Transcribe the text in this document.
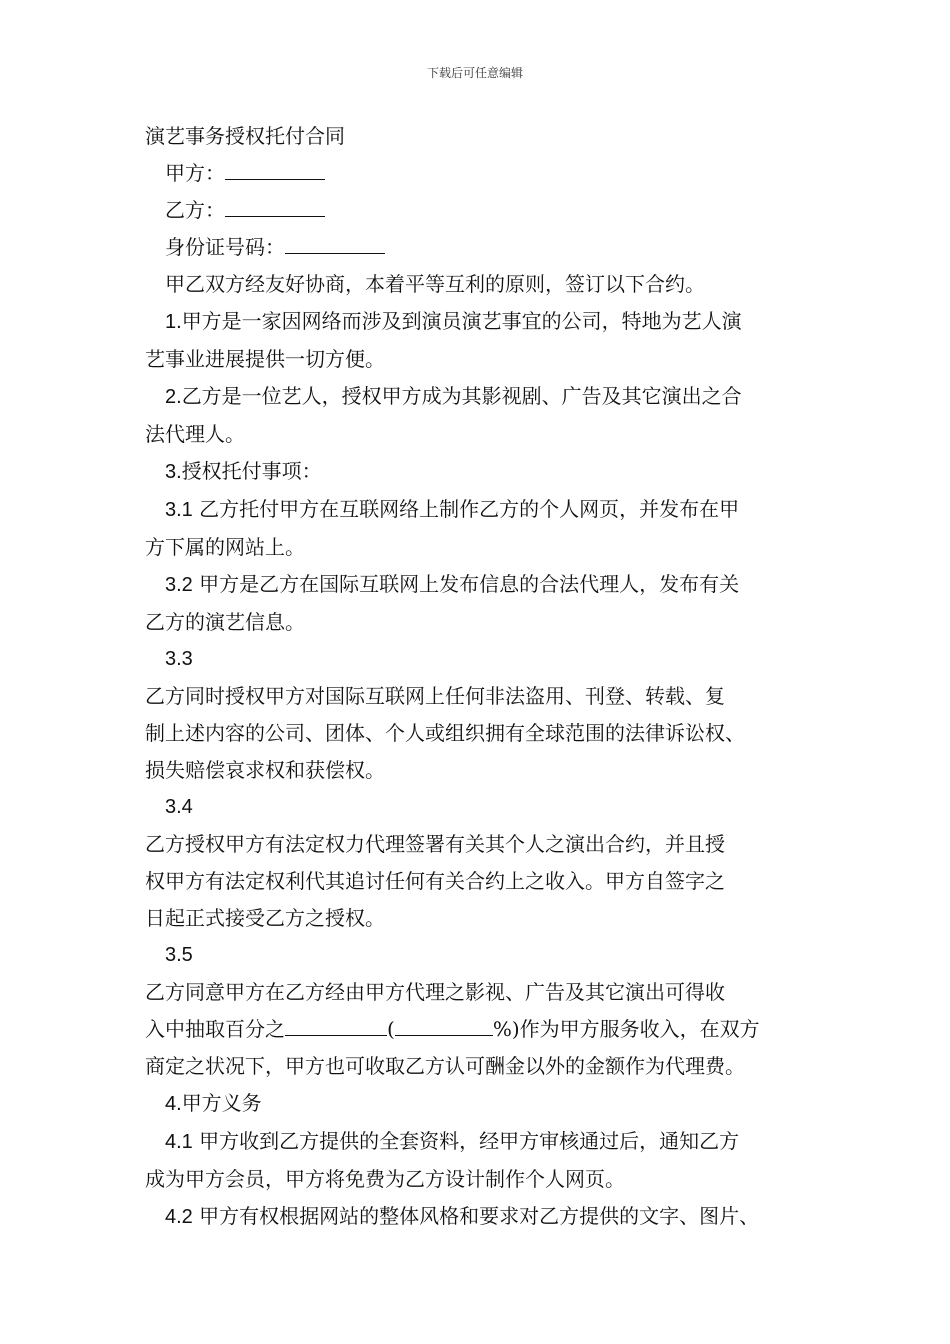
下载后可任意编辑

演艺事务授权托付合同

甲方：

乙方：

身份证号码：

甲乙双方经友好协商，本着平等互利的原则，签订以下合约。

1.甲方是一家因网络而涉及到演员演艺事宜的公司，特地为艺人演

艺事业进展提供一切方便。

2.乙方是一位艺人，授权甲方成为其影视剧、广告及其它演出之合

法代理人。

3.授权托付事项：

3.1 乙方托付甲方在互联网络上制作乙方的个人网页，并发布在甲

方下属的网站上。

3.2 甲方是乙方在国际互联网上发布信息的合法代理人，发布有关

乙方的演艺信息。

3.3

乙方同时授权甲方对国际互联网上任何非法盗用、刊登、转载、复

制上述内容的公司、团体、个人或组织拥有全球范围的法律诉讼权、

损失赔偿哀求权和获偿权。

3.4

乙方授权甲方有法定权力代理签署有关其个人之演出合约，并且授

权甲方有法定权利代其追讨任何有关合约上之收入。甲方自签字之

日起正式接受乙方之授权。

3.5

乙方同意甲方在乙方经由甲方代理之影视、广告及其它演出可得收

入中抽取百分之	(	%)作为甲方服务收入，在双方

商定之状况下，甲方也可收取乙方认可酬金以外的金额作为代理费。

4.甲方义务

4.1 甲方收到乙方提供的全套资料，经甲方审核通过后，通知乙方

成为甲方会员，甲方将免费为乙方设计制作个人网页。

4.2 甲方有权根据网站的整体风格和要求对乙方提供的文字、图片、
